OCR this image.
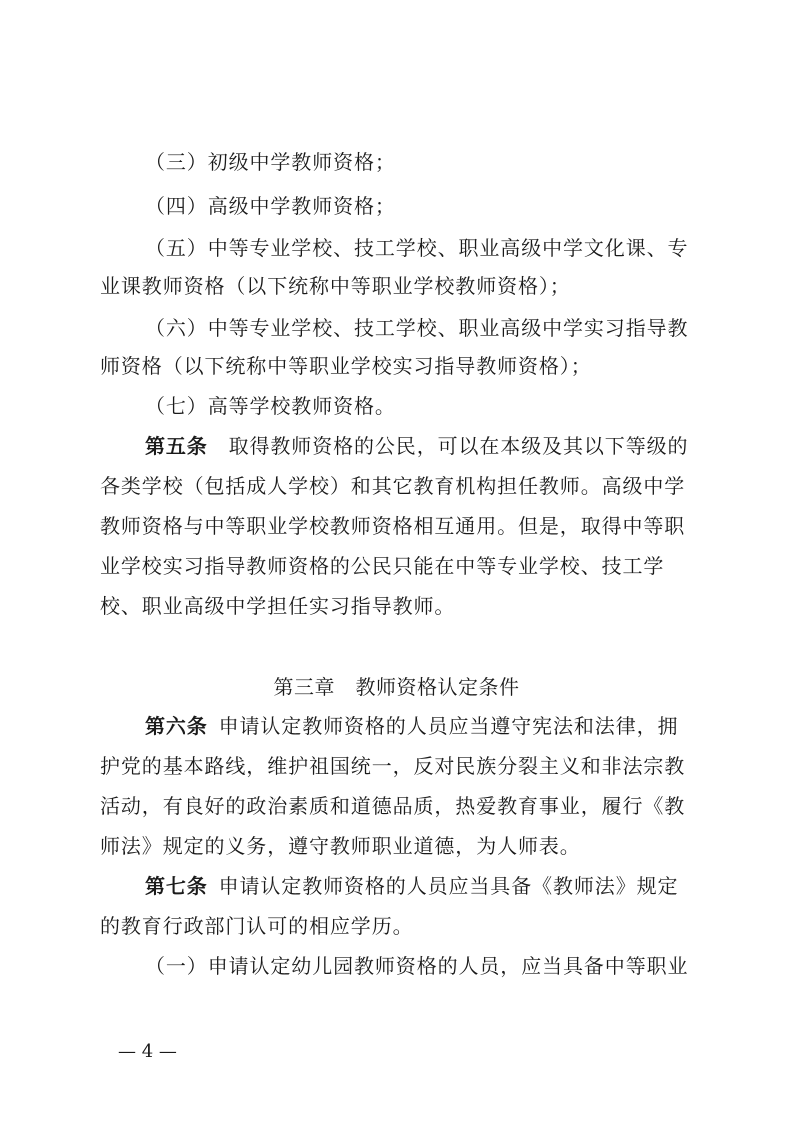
（三）初级中学教师资格；
（四）高级中学教师资格；
（五）中等专业学校、技工学校、职业高级中学文化课、专
业课教师资格（以下统称中等职业学校教师资格）；
（六）中等专业学校、技工学校、职业高级中学实习指导教
师资格（以下统称中等职业学校实习指导教师资格）；
（七）高等学校教师资格。
第五条　 取得教师资格的公民，可以在本级及其以下等级的
各类学校（包括成人学校）和其它教育机构担任教师。高级中学
教师资格与中等职业学校教师资格相互通用。但是，取得中等职
业学校实习指导教师资格的公民只能在中等专业学校、技工学
校、职业高级中学担任实习指导教师。
第三章　教师资格认定条件
第六条  申请认定教师资格的人员应当遵守宪法和法律，拥
护党的基本路线，维护祖国统一，反对民族分裂主义和非法宗教
活动，有良好的政治素质和道德品质，热爱教育事业，履行《教
师法》规定的义务，遵守教师职业道德，为人师表。
第七条  申请认定教师资格的人员应当具备《教师法》规定
的教育行政部门认可的相应学历。
（一）申请认定幼儿园教师资格的人员，应当具备中等职业
— 4 —
